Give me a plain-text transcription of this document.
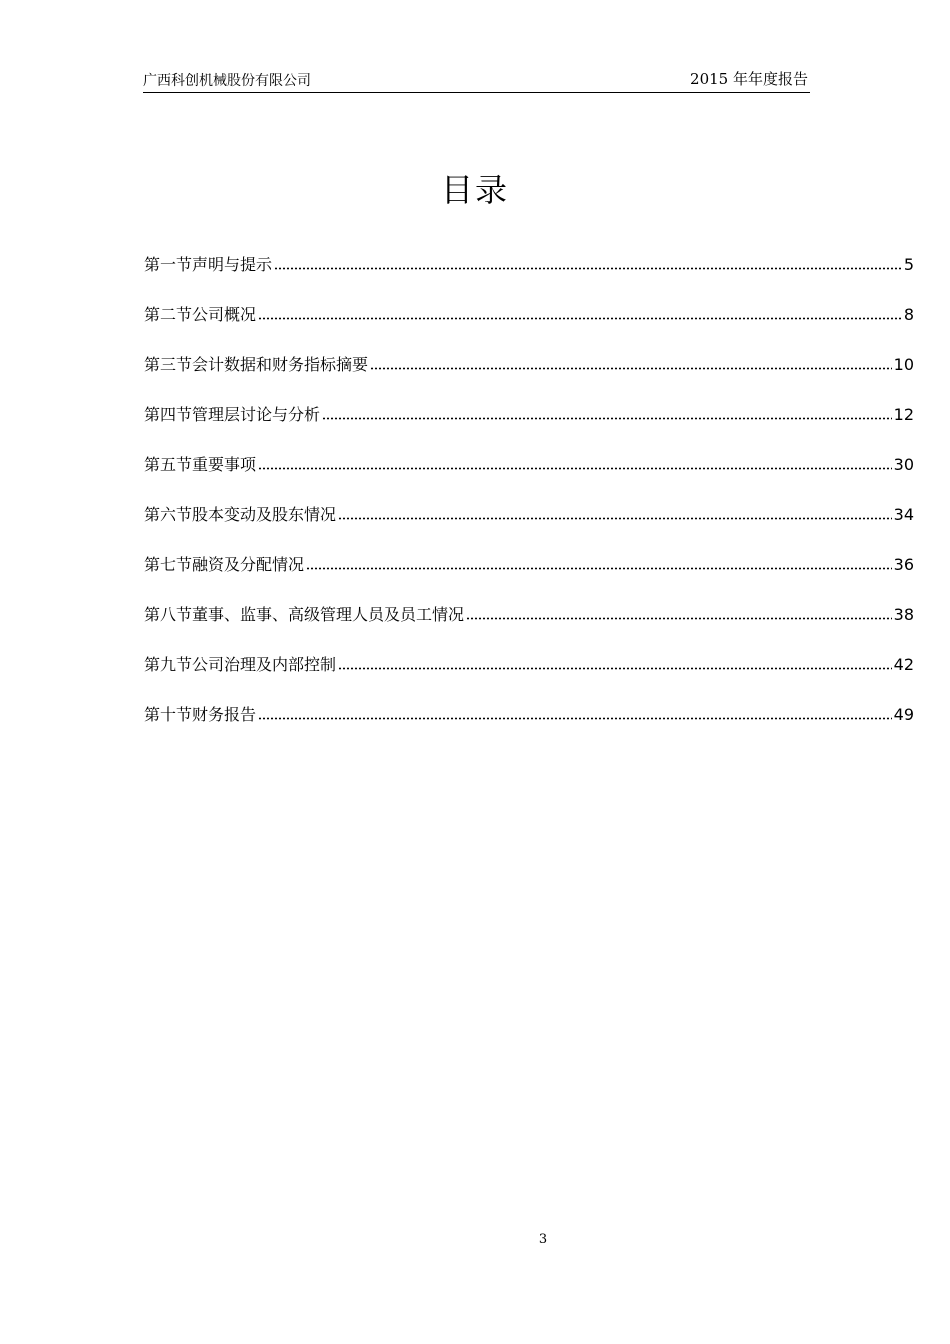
广西科创机械股份有限公司	2015 年年度报告
目录
第一节声明与提示	5
第二节公司概况	8
第三节会计数据和财务指标摘要	10
第四节管理层讨论与分析	12
第五节重要事项	30
第六节股本变动及股东情况	34
第七节融资及分配情况	36
第八节董事、监事、高级管理人员及员工情况	38
第九节公司治理及内部控制	42
第十节财务报告	49
3
